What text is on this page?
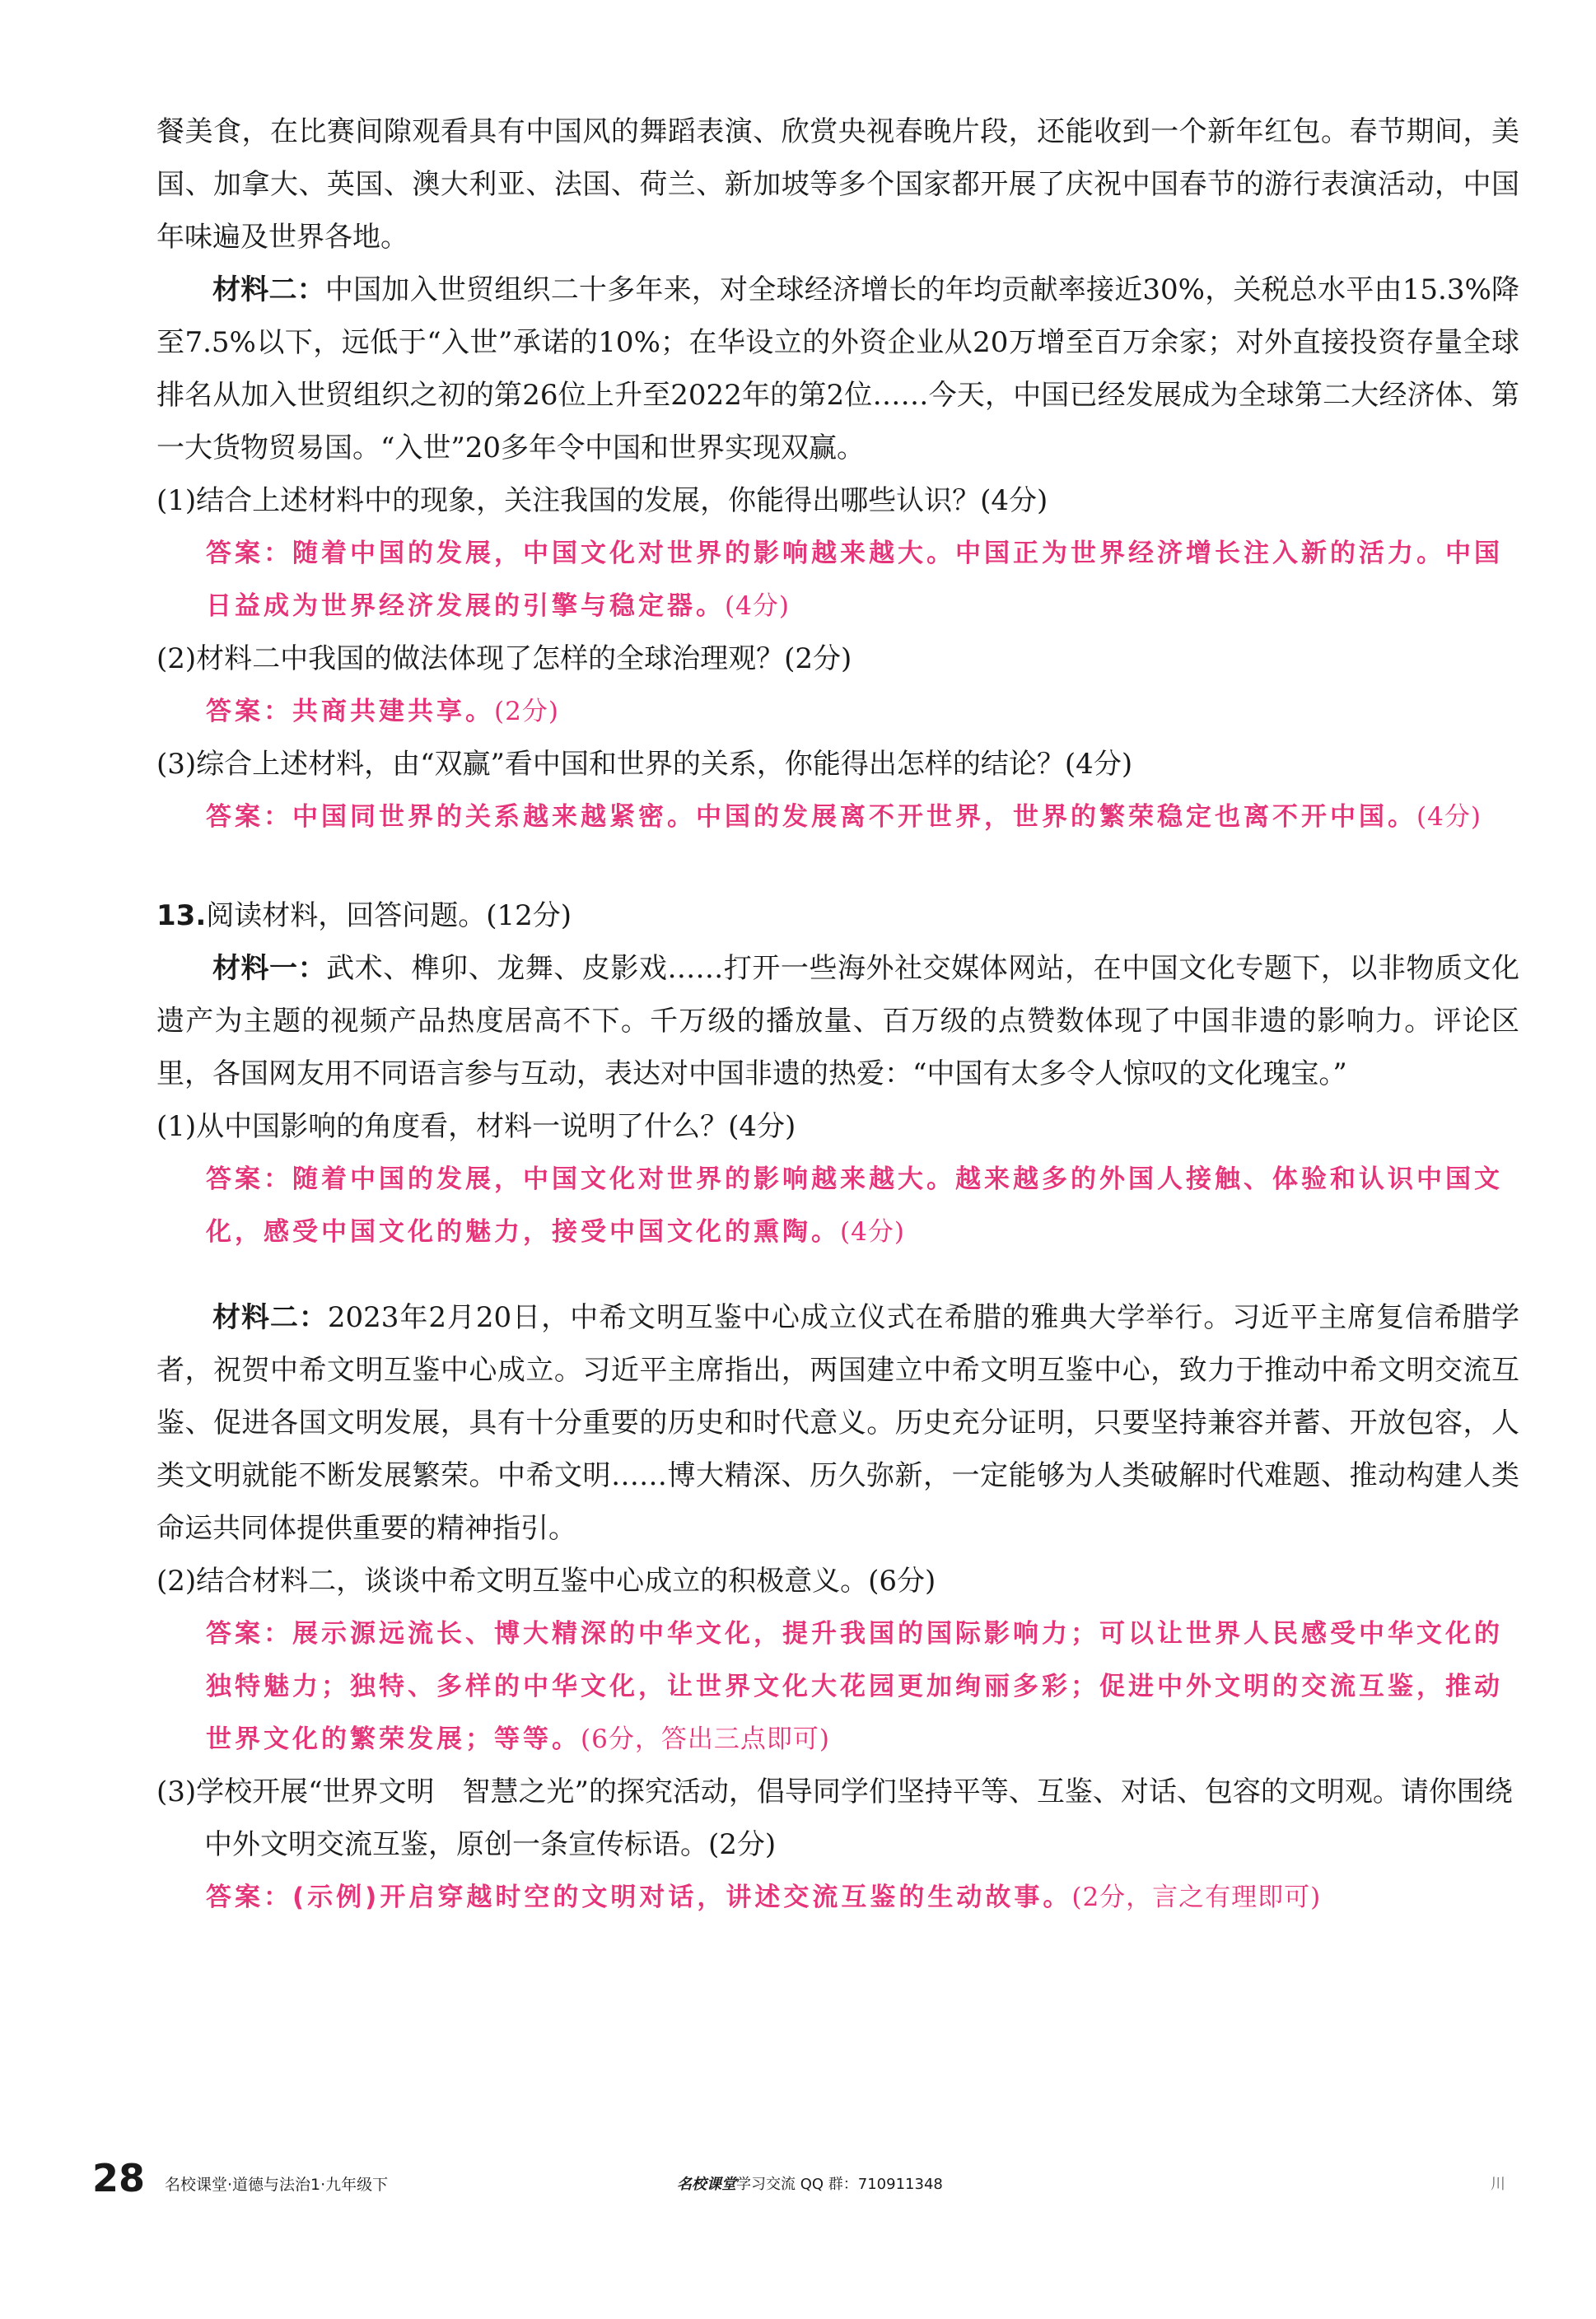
餐美食，在比赛间隙观看具有中国风的舞蹈表演、欣赏央视春晚片段，还能收到一个新年红包。春节期间，美国、加拿大、英国、澳大利亚、法国、荷兰、新加坡等多个国家都开展了庆祝中国春节的游行表演活动，中国年味遍及世界各地。

材料二：中国加入世贸组织二十多年来，对全球经济增长的年均贡献率接近30%，关税总水平由15.3%降至7.5%以下，远低于“入世”承诺的10%；在华设立的外资企业从20万增至百万余家；对外直接投资存量全球排名从加入世贸组织之初的第26位上升至2022年的第2位……今天，中国已经发展成为全球第二大经济体、第一大货物贸易国。“入世”20多年令中国和世界实现双赢。

(1)结合上述材料中的现象，关注我国的发展，你能得出哪些认识？(4分)

答案：随着中国的发展，中国文化对世界的影响越来越大。中国正为世界经济增长注入新的活力。中国日益成为世界经济发展的引擎与稳定器。(4分)

(2)材料二中我国的做法体现了怎样的全球治理观？(2分)

答案：共商共建共享。(2分)

(3)综合上述材料，由“双赢”看中国和世界的关系，你能得出怎样的结论？(4分)

答案：中国同世界的关系越来越紧密。中国的发展离不开世界，世界的繁荣稳定也离不开中国。(4分)

13.阅读材料，回答问题。(12分)

材料一：武术、榫卯、龙舞、皮影戏……打开一些海外社交媒体网站，在中国文化专题下，以非物质文化遗产为主题的视频产品热度居高不下。千万级的播放量、百万级的点赞数体现了中国非遗的影响力。评论区里，各国网友用不同语言参与互动，表达对中国非遗的热爱：“中国有太多令人惊叹的文化瑰宝。”

(1)从中国影响的角度看，材料一说明了什么？(4分)

答案：随着中国的发展，中国文化对世界的影响越来越大。越来越多的外国人接触、体验和认识中国文化，感受中国文化的魅力，接受中国文化的熏陶。(4分)

材料二：2023年2月20日，中希文明互鉴中心成立仪式在希腊的雅典大学举行。习近平主席复信希腊学者，祝贺中希文明互鉴中心成立。习近平主席指出，两国建立中希文明互鉴中心，致力于推动中希文明交流互鉴、促进各国文明发展，具有十分重要的历史和时代意义。历史充分证明，只要坚持兼容并蓄、开放包容，人类文明就能不断发展繁荣。中希文明……博大精深、历久弥新，一定能够为人类破解时代难题、推动构建人类命运共同体提供重要的精神指引。

(2)结合材料二，谈谈中希文明互鉴中心成立的积极意义。(6分)

答案：展示源远流长、博大精深的中华文化，提升我国的国际影响力；可以让世界人民感受中华文化的独特魅力；独特、多样的中华文化，让世界文化大花园更加绚丽多彩；促进中外文明的交流互鉴，推动世界文化的繁荣发展；等等。(6分，答出三点即可)

(3)学校开展“世界文明　智慧之光”的探究活动，倡导同学们坚持平等、互鉴、对话、包容的文明观。请你围绕中外文明交流互鉴，原创一条宣传标语。(2分)

答案：(示例)开启穿越时空的文明对话，讲述交流互鉴的生动故事。(2分，言之有理即可)

28 名校课堂·道德与法治1·九年级下	名校课堂学习交流 QQ 群：710911348	川
